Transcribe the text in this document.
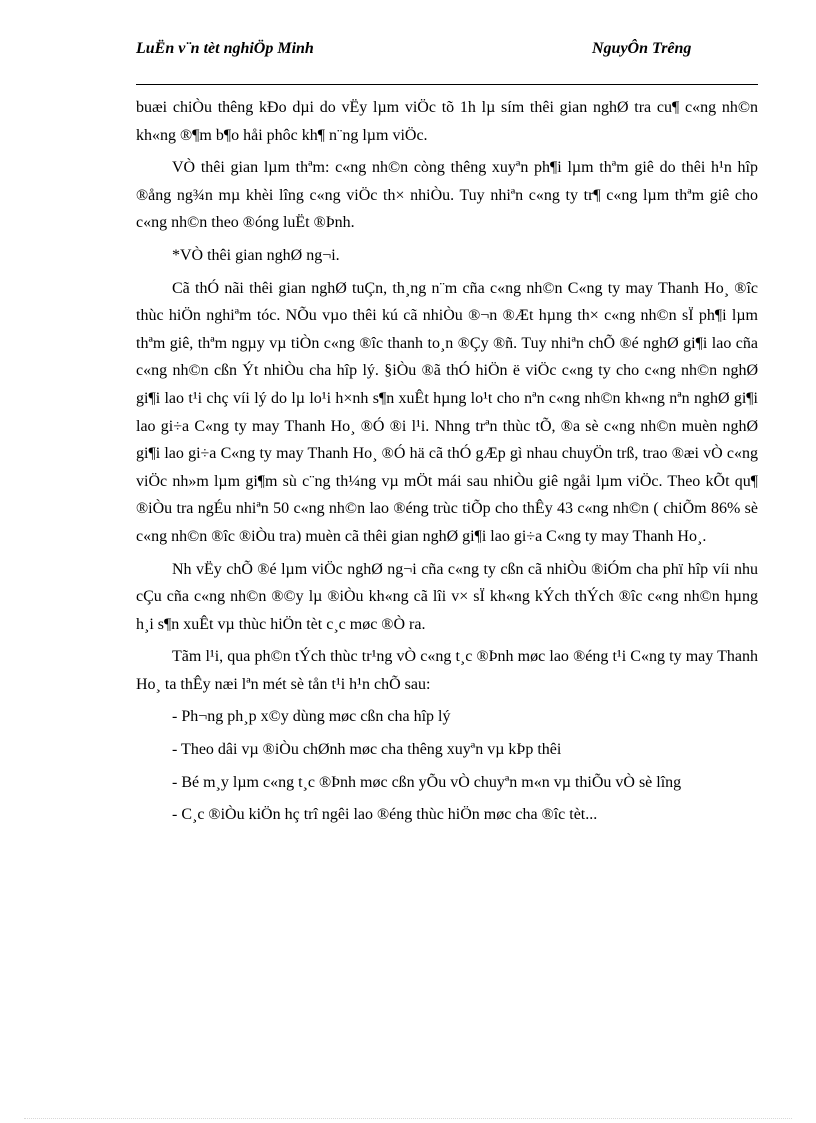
LuËn v¨n tèt nghiÖp Minh	NguyÔn Trêng

buæi chiÒu thêng kÐo dµi do vËy lµm viÖc tõ 1h lµ sím thêi gian nghØ tra cu¶ c«ng nh©n kh«ng ®¶m b¶o håi phôc kh¶ n¨ng lµm viÖc.

VÒ thêi gian lµm thªm: c«ng nh©n còng thêng xuyªn ph¶i lµm thªm giê do thêi h¹n hîp ®ång ng¾n mµ khèi lîng c«ng viÖc th× nhiÒu. Tuy nhiªn c«ng ty tr¶ c«ng lµm thªm giê cho c«ng nh©n theo ®óng luËt ®Þnh.

*VÒ thêi gian nghØ ng¬i.

Cã thÓ nãi thêi gian nghØ tuÇn, th¸ng n¨m cña c«ng nh©n C«ng ty may Thanh Ho¸ ®îc thùc hiÖn nghiªm tóc. NÕu vµo thêi kú cã nhiÒu ®¬n ®Æt hµng th× c«ng nh©n sÏ ph¶i lµm thªm giê, thªm ngµy vµ tiÒn c«ng ®îc thanh to¸n ®Çy ®ñ. Tuy nhiªn chÕ ®é nghØ gi¶i lao cña c«ng nh©n cßn Ýt nhiÒu cha hîp lý. §iÒu ®ã thÓ hiÖn ë viÖc c«ng ty cho c«ng nh©n nghØ gi¶i lao t¹i chç víi lý do lµ lo¹i h×nh s¶n xuÊt hµng lo¹t cho nªn c«ng nh©n kh«ng nªn nghØ gi¶i lao gi÷a C«ng ty may Thanh Ho¸ ®Ó ®i l¹i. Nhng trªn thùc tÕ, ®a sè c«ng nh©n muèn nghØ gi¶i lao gi÷a C«ng ty may Thanh Ho¸ ®Ó hä cã thÓ gÆp gì nhau chuyÖn trß, trao ®æi vÒ c«ng viÖc nh»m lµm gi¶m sù c¨ng th¼ng vµ mÖt mái sau nhiÒu giê ngåi lµm viÖc. Theo kÕt qu¶ ®iÒu tra ngÉu nhiªn 50 c«ng nh©n lao ®éng trùc tiÕp cho thÊy 43 c«ng nh©n ( chiÕm 86% sè c«ng nh©n ®îc ®iÒu tra) muèn cã thêi gian nghØ gi¶i lao gi÷a C«ng ty may Thanh Ho¸.

Nh vËy chÕ ®é lµm viÖc nghØ ng¬i cña c«ng ty cßn cã nhiÒu ®iÓm cha phï hîp víi nhu cÇu cña c«ng nh©n ®©y lµ ®iÒu kh«ng cã lîi v× sÏ kh«ng kÝch thÝch ®îc c«ng nh©n hµng h¸i s¶n xuÊt vµ thùc hiÖn tèt c¸c møc ®Ò ra.

Tãm l¹i, qua ph©n tÝch thùc tr¹ng vÒ c«ng t¸c ®Þnh møc lao ®éng t¹i C«ng ty may Thanh Ho¸ ta thÊy næi lªn mét sè tån t¹i h¹n chÕ sau:

- Ph¬ng ph¸p x©y dùng møc cßn cha hîp lý

- Theo dâi vµ ®iÒu chØnh møc cha thêng xuyªn vµ kÞp thêi

- Bé m¸y lµm c«ng t¸c ®Þnh møc cßn yÕu vÒ chuyªn m«n vµ thiÕu vÒ sè lîng

- C¸c ®iÒu kiÖn hç trî ngêi lao ®éng thùc hiÖn møc cha ®îc tèt...
